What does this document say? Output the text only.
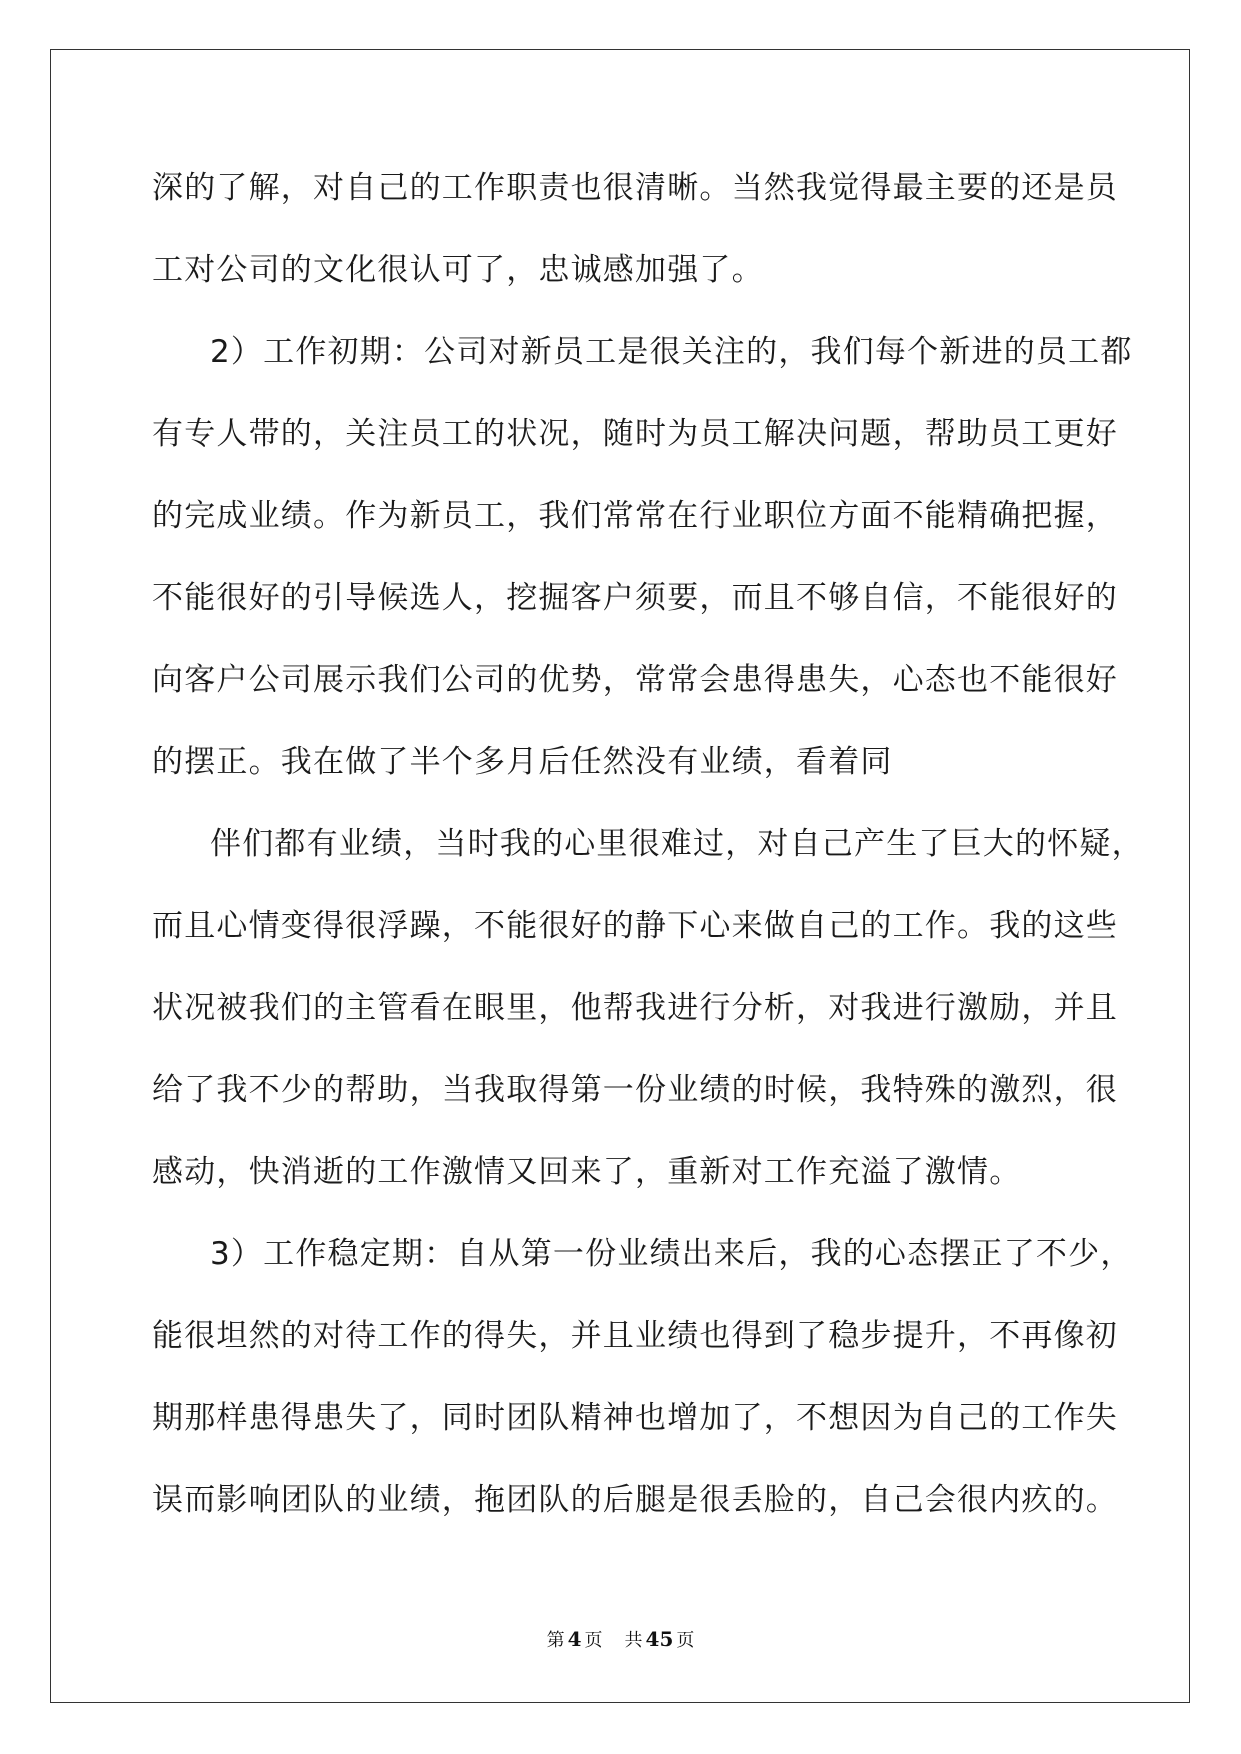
深的了解，对自己的工作职责也很清晰。当然我觉得最主要的还是员
工对公司的文化很认可了，忠诚感加强了。
2）工作初期：公司对新员工是很关注的，我们每个新进的员工都
有专人带的，关注员工的状况，随时为员工解决问题，帮助员工更好
的完成业绩。作为新员工，我们常常在行业职位方面不能精确把握，
不能很好的引导候选人，挖掘客户须要，而且不够自信，不能很好的
向客户公司展示我们公司的优势，常常会患得患失，心态也不能很好
的摆正。我在做了半个多月后任然没有业绩，看着同
伴们都有业绩，当时我的心里很难过，对自己产生了巨大的怀疑，
而且心情变得很浮躁，不能很好的静下心来做自己的工作。我的这些
状况被我们的主管看在眼里，他帮我进行分析，对我进行激励，并且
给了我不少的帮助，当我取得第一份业绩的时候，我特殊的激烈，很
感动，快消逝的工作激情又回来了，重新对工作充溢了激情。
3）工作稳定期：自从第一份业绩出来后，我的心态摆正了不少，
能很坦然的对待工作的得失，并且业绩也得到了稳步提升，不再像初
期那样患得患失了，同时团队精神也增加了，不想因为自己的工作失
误而影响团队的业绩，拖团队的后腿是很丢脸的，自己会很内疚的。
第 4 页 共 45 页
